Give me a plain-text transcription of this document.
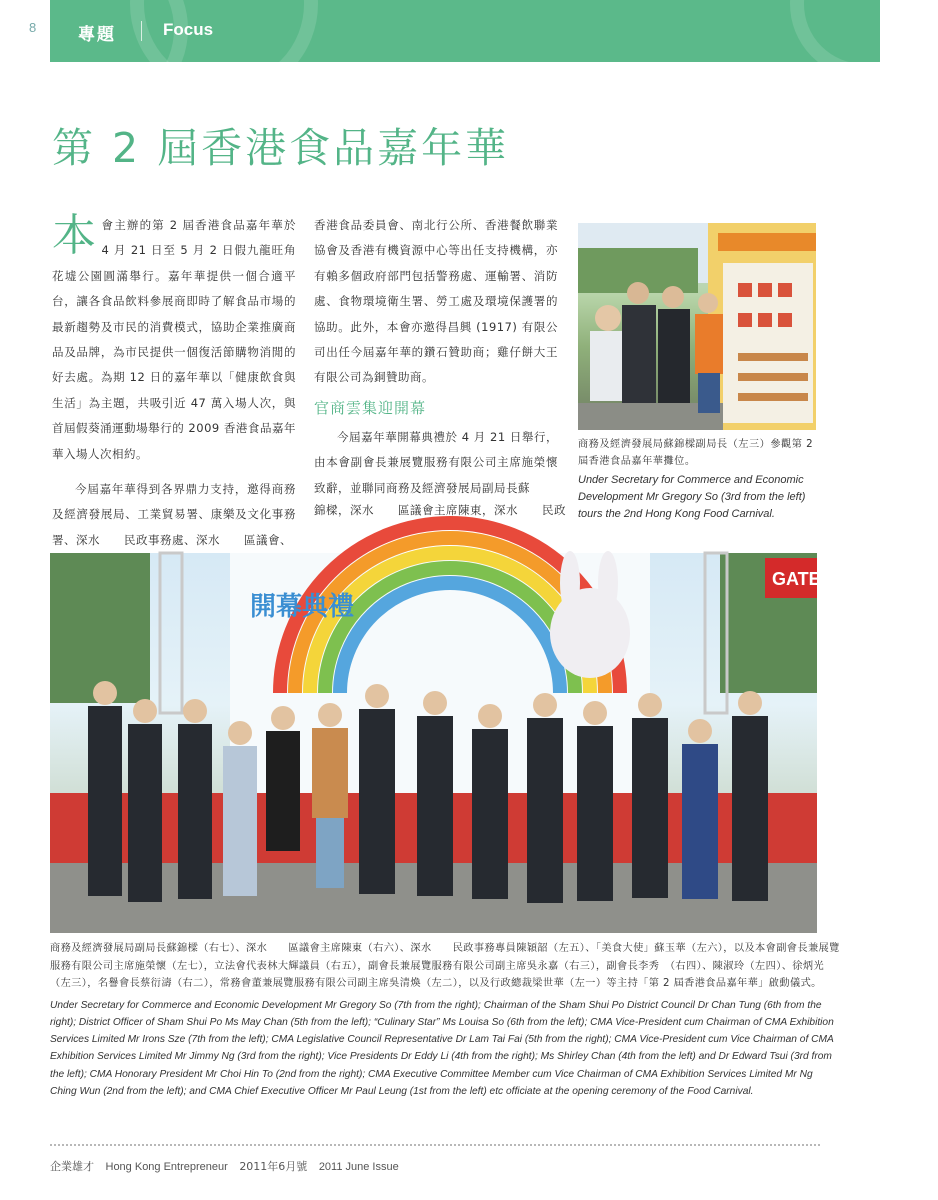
8 專題	Focus
第 2 屆香港食品嘉年華

本會主辦的第 2 屆香港食品嘉年華於 4 月 21 日至 5 月 2 日假九龍旺角花墟公園圓滿舉行。嘉年華提供一個合適平台，讓各食品飲料參展商即時了解食品市場的最新趨勢及市民的消費模式，協助企業推廣商品及品牌，為市民提供一個復活節購物消閒的好去處。為期 12 日的嘉年華以「健康飲食與生活」為主題，共吸引近 47 萬入場人次，與首屆假葵涌運動場舉行的 2009 香港食品嘉年華入場人次相約。

今屆嘉年華得到各界鼎力支持，邀得商務及經濟發展局、工業貿易署、康樂及文化事務署、深水　　民政事務處、深水　　區議會、

香港食品委員會、南北行公所、香港餐飲聯業協會及香港有機資源中心等出任支持機構，亦有賴多個政府部門包括警務處、運輸署、消防處、食物環境衛生署、勞工處及環境保護署的協助。此外，本會亦邀得昌興 (1917) 有限公司出任今屆嘉年華的鑽石贊助商；雞仔餅大王有限公司為銅贊助商。

官商雲集迎開幕

今屆嘉年華開幕典禮於 4 月 21 日舉行，由本會副會長兼展覽服務有限公司主席施榮懷致辭，並聯同商務及經濟發展局副局長蘇

錦樑，深水　　區議會主席陳東，深水　　民政
商務及經濟發展局蘇錦樑副局長（左三）參觀第 2 屆香港食品嘉年華攤位。
Under Secretary for Commerce and Economic Development Mr Gregory So (3rd from the left) tours the 2nd Hong Kong Food Carnival.
開幕典禮
GATE B
商務及經濟發展局副局長蘇錦樑（右七）、深水　　區議會主席陳東（右六）、深水　　民政事務專員陳穎韶（左五）、「美食大使」蘇玉華（左六），以及本會副會長兼展覽服務有限公司主席施榮懷（左七），立法會代表林大輝議員（右五），副會長兼展覽服務有限公司副主席吳永嘉（右三），副會長李秀　（右四）、陳淑玲（左四）、徐炳光（左三），名譽會長蔡衍濤（右二），常務會董兼展覽服務有限公司副主席吳清煥（左二），以及行政總裁梁世華（左一）等主持「第 2 屆香港食品嘉年華」啟動儀式。
Under Secretary for Commerce and Economic Development Mr Gregory So (7th from the right); Chairman of the Sham Shui Po District Council Dr Chan Tung (6th from the right); District Officer of Sham Shui Po Ms May Chan (5th from the left); “Culinary Star” Ms Louisa So (6th from the left); CMA Vice-President cum Chairman of CMA Exhibition Services Limited Mr Irons Sze (7th from the left); CMA Legislative Council Representative Dr Lam Tai Fai (5th from the right); CMA Vice-President cum Vice Chairman of CMA Exhibition Services Limited Mr Jimmy Ng (3rd from the right); Vice Presidents Dr Eddy Li (4th from the right); Ms Shirley Chan (4th from the left) and Dr Edward Tsui (3rd from the left); CMA Honorary President Mr Choi Hin To (2nd from the right); CMA Executive Committee Member cum Vice Chairman of CMA Exhibition Services Limited Mr Ng Ching Wun (2nd from the left); and CMA Chief Executive Officer Mr Paul Leung (1st from the left) etc officiate at the opening ceremony of the Food Carnival.
企業雄才 Hong Kong Entrepreneur 2011年6月號 2011 June Issue
